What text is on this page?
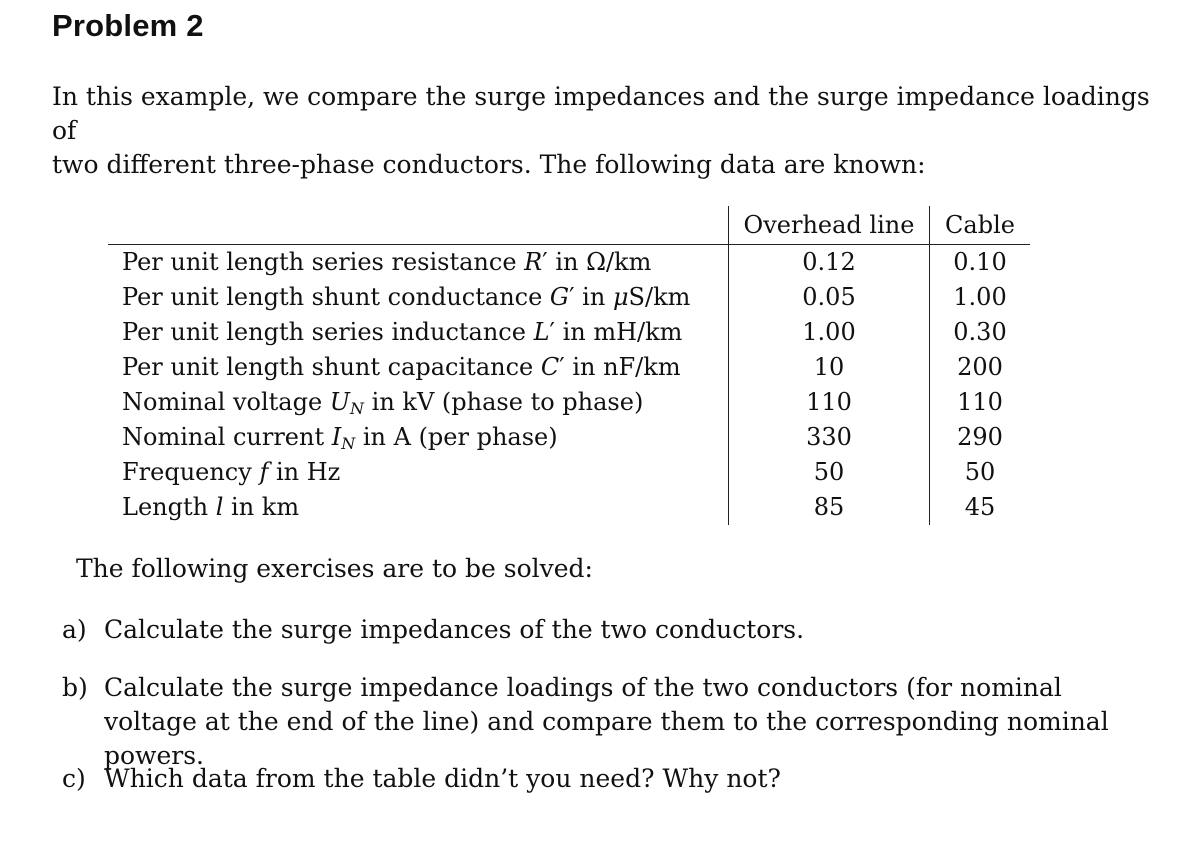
Problem 2

In this example, we compare the surge impedances and the surge impedance loadings of

two different three-phase conductors. The following data are known:

	Overhead line	Cable
Per unit length series resistance R′ in Ω/km	0.12	0.10
Per unit length shunt conductance G′ in μS/km	0.05	1.00
Per unit length series inductance L′ in mH/km	1.00	0.30
Per unit length shunt capacitance C′ in nF/km	10	200
Nominal voltage $U_N$ in kV (phase to phase)	110	110
Nominal current $I_N$ in A (per phase)	330	290
Frequency f in Hz	50	50
Length l in km	85	45
The following exercises are to be solved:
a) Calculate the surge impedances of the two conductors.
b) Calculate the surge impedance loadings of the two conductors (for nominal voltage at the end of the line) and compare them to the corresponding nominal powers.
c) Which data from the table didn’t you need? Why not?
